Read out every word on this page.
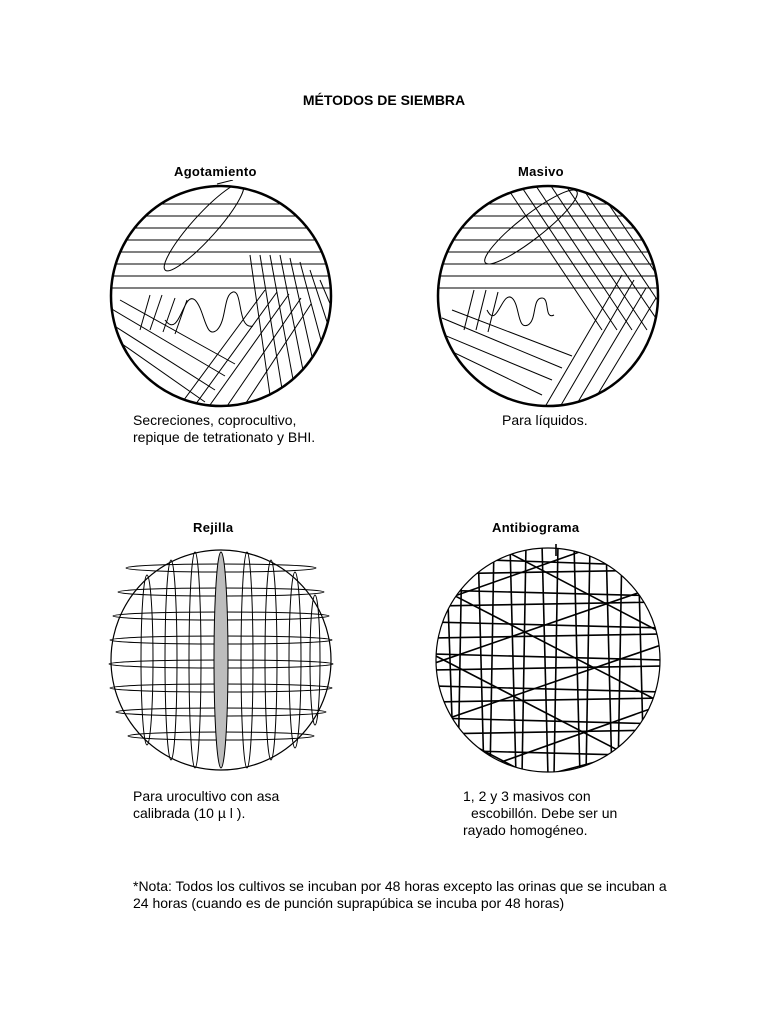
MÉTODOS DE SIEMBRA
Agotamiento
Secreciones, coprocultivo,
repique de tetrationato y BHI.
Masivo
Para líquidos.
Rejilla
Para urocultivo con asa
calibrada (10 µ l ).
Antibiograma
1, 2 y 3 masivos con
escobillón. Debe ser un
rayado homogéneo.
*Nota: Todos los cultivos se incuban por 48 horas excepto las orinas que se incuban a 24 horas (cuando es de punción suprapúbica se incuba por 48 horas)
